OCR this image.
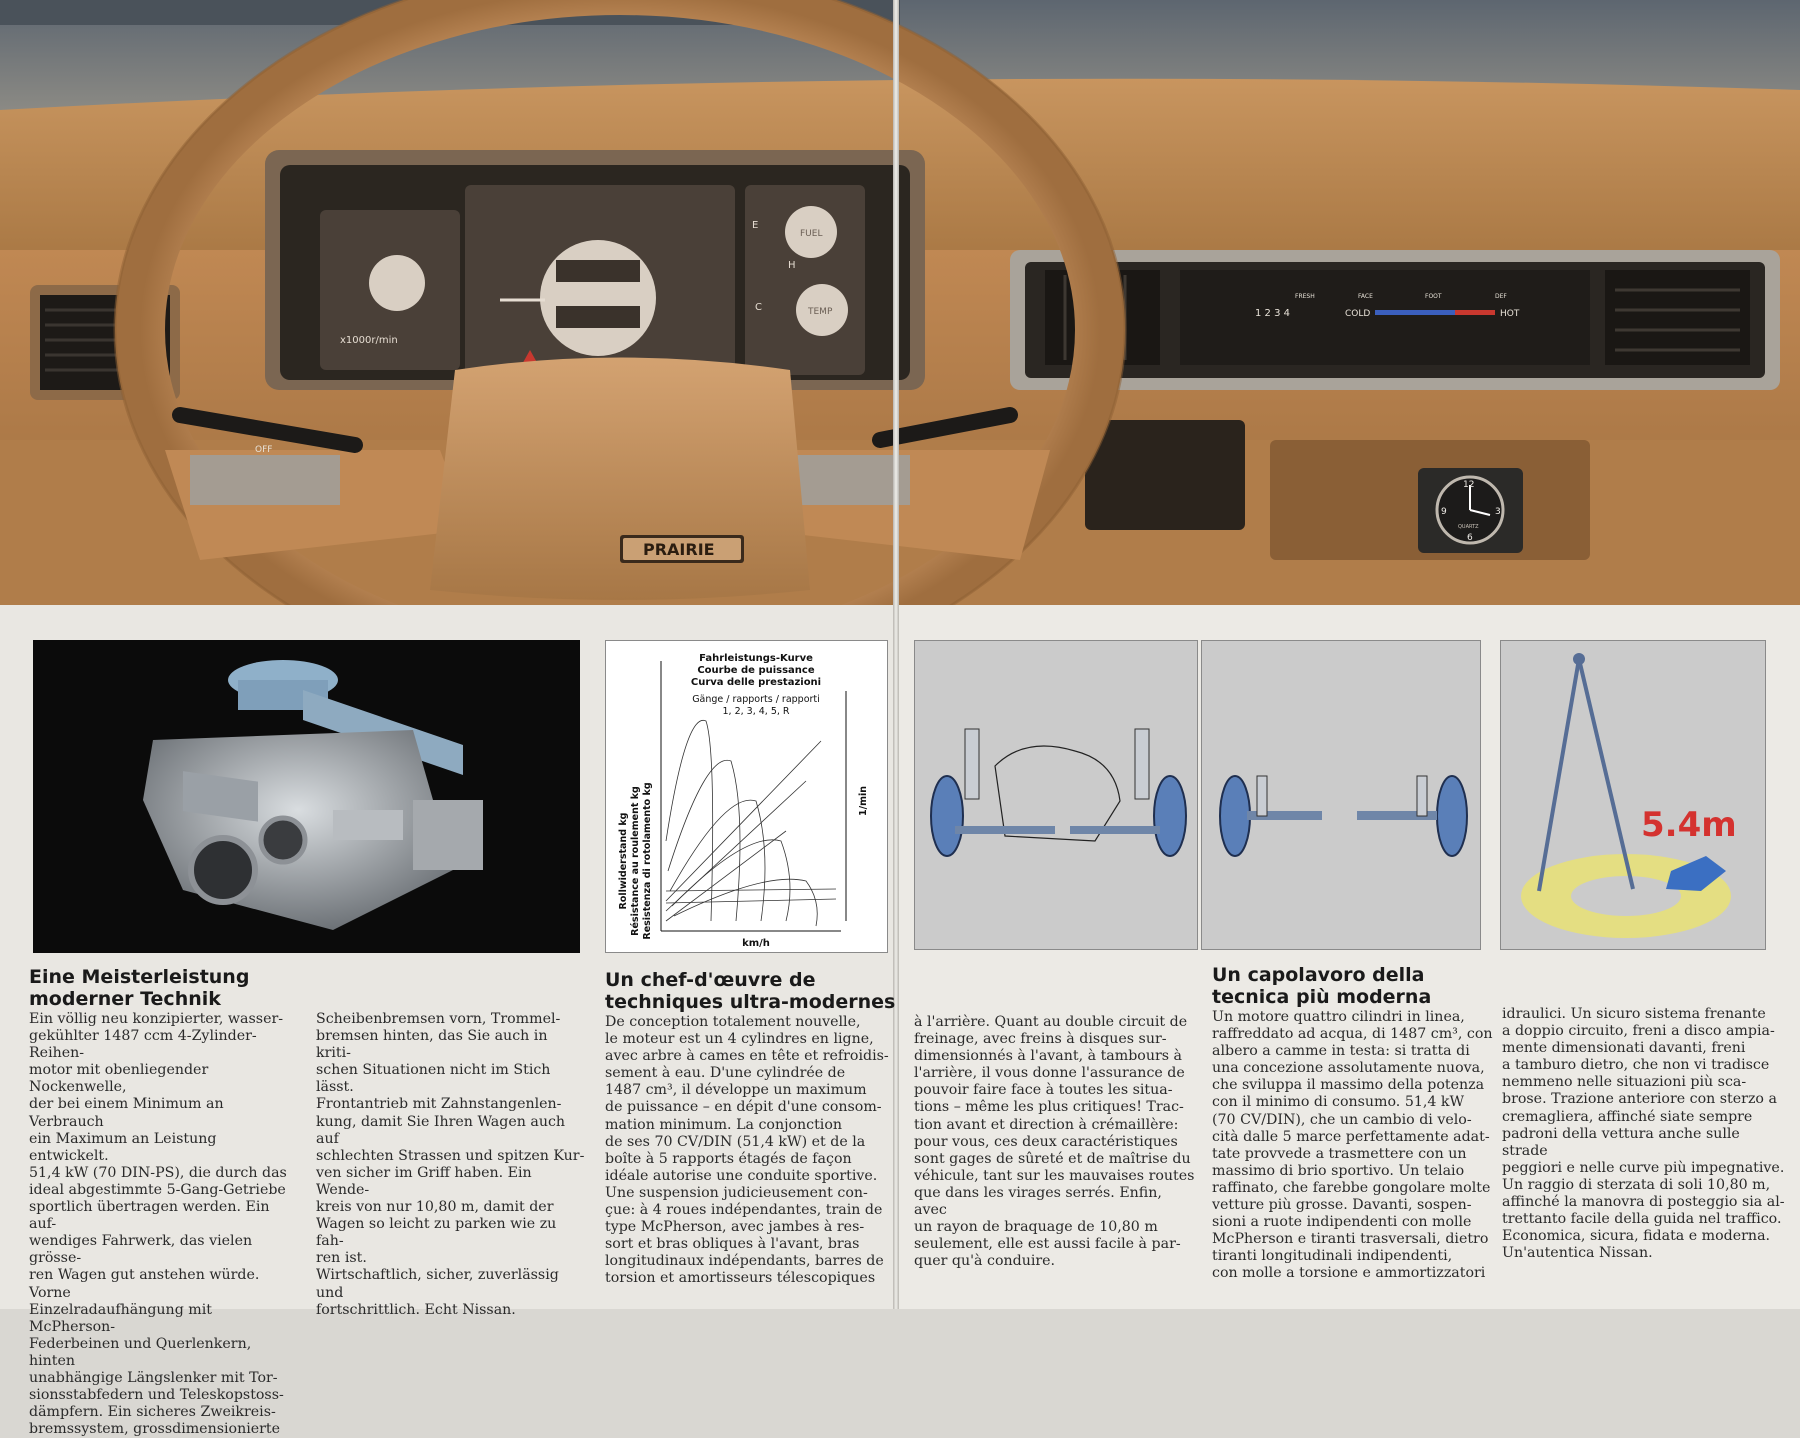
x1000r/min
FUEL
TEMP
E
H
C
1 2 3 4	COLD	HOT
FRESH	FACE	FOOT	DEF
12
3
6
9
QUARTZ
PRAIRIE
OFF
Fahrleistungs-Kurve
Courbe de puissance
Curva delle prestazioni
Gänge / rapports / rapporti
1, 2, 3, 4, 5, R
Rollwiderstand kg Résistance au roulement kg Resistenza di rotolamento kg	1/min
km/h
5.4m
Eine Meisterleistung
moderner Technik
Ein völlig neu konzipierter, wasser-
gekühlter 1487 ccm 4-Zylinder-Reihen-
motor mit obenliegender Nockenwelle,
der bei einem Minimum an Verbrauch
ein Maximum an Leistung entwickelt.
51,4 kW (70 DIN-PS), die durch das
ideal abgestimmte 5-Gang-Getriebe
sportlich übertragen werden. Ein auf-
wendiges Fahrwerk, das vielen grösse-
ren Wagen gut anstehen würde. Vorne
Einzelradaufhängung mit McPherson-
Federbeinen und Querlenkern, hinten
unabhängige Längslenker mit Tor-
sionsstabfedern und Teleskopstoss-
dämpfern. Ein sicheres Zweikreis-
bremssystem, grossdimensionierte
Scheibenbremsen vorn, Trommel-
bremsen hinten, das Sie auch in kriti-
schen Situationen nicht im Stich lässt.
Frontantrieb mit Zahnstangenlen-
kung, damit Sie Ihren Wagen auch auf
schlechten Strassen und spitzen Kur-
ven sicher im Griff haben. Ein Wende-
kreis von nur 10,80 m, damit der
Wagen so leicht zu parken wie zu fah-
ren ist.
Wirtschaftlich, sicher, zuverlässig und
fortschrittlich. Echt Nissan.
Un chef-d'œuvre de
techniques ultra-modernes
De conception totalement nouvelle,
le moteur est un 4 cylindres en ligne,
avec arbre à cames en tête et refroidis-
sement à eau. D'une cylindrée de
1487 cm³, il développe un maximum
de puissance – en dépit d'une consom-
mation minimum. La conjonction
de ses 70 CV/DIN (51,4 kW) et de la
boîte à 5 rapports étagés de façon
idéale autorise une conduite sportive.
Une suspension judicieusement con-
çue: à 4 roues indépendantes, train de
type McPherson, avec jambes à res-
sort et bras obliques à l'avant, bras
longitudinaux indépendants, barres de
torsion et amortisseurs télescopiques
à l'arrière. Quant au double circuit de
freinage, avec freins à disques sur-
dimensionnés à l'avant, à tambours à
l'arrière, il vous donne l'assurance de
pouvoir faire face à toutes les situa-
tions – même les plus critiques! Trac-
tion avant et direction à crémaillère:
pour vous, ces deux caractéristiques
sont gages de sûreté et de maîtrise du
véhicule, tant sur les mauvaises routes
que dans les virages serrés. Enfin, avec
un rayon de braquage de 10,80 m
seulement, elle est aussi facile à par-
quer qu'à conduire.
Un capolavoro della
tecnica più moderna
Un motore quattro cilindri in linea,
raffreddato ad acqua, di 1487 cm³, con
albero a camme in testa: si tratta di
una concezione assolutamente nuova,
che sviluppa il massimo della potenza
con il minimo di consumo. 51,4 kW
(70 CV/DIN), che un cambio di velo-
cità dalle 5 marce perfettamente adat-
tate provvede a trasmettere con un
massimo di brio sportivo. Un telaio
raffinato, che farebbe gongolare molte
vetture più grosse. Davanti, sospen-
sioni a ruote indipendenti con molle
McPherson e tiranti trasversali, dietro
tiranti longitudinali indipendenti,
con molle a torsione e ammortizzatori
idraulici. Un sicuro sistema frenante
a doppio circuito, freni a disco ampia-
mente dimensionati davanti, freni
a tamburo dietro, che non vi tradisce
nemmeno nelle situazioni più sca-
brose. Trazione anteriore con sterzo a
cremagliera, affinché siate sempre
padroni della vettura anche sulle strade
peggiori e nelle curve più impegnative.
Un raggio di sterzata di soli 10,80 m,
affinché la manovra di posteggio sia al-
trettanto facile della guida nel traffico.
Economica, sicura, fidata e moderna.
Un'autentica Nissan.
